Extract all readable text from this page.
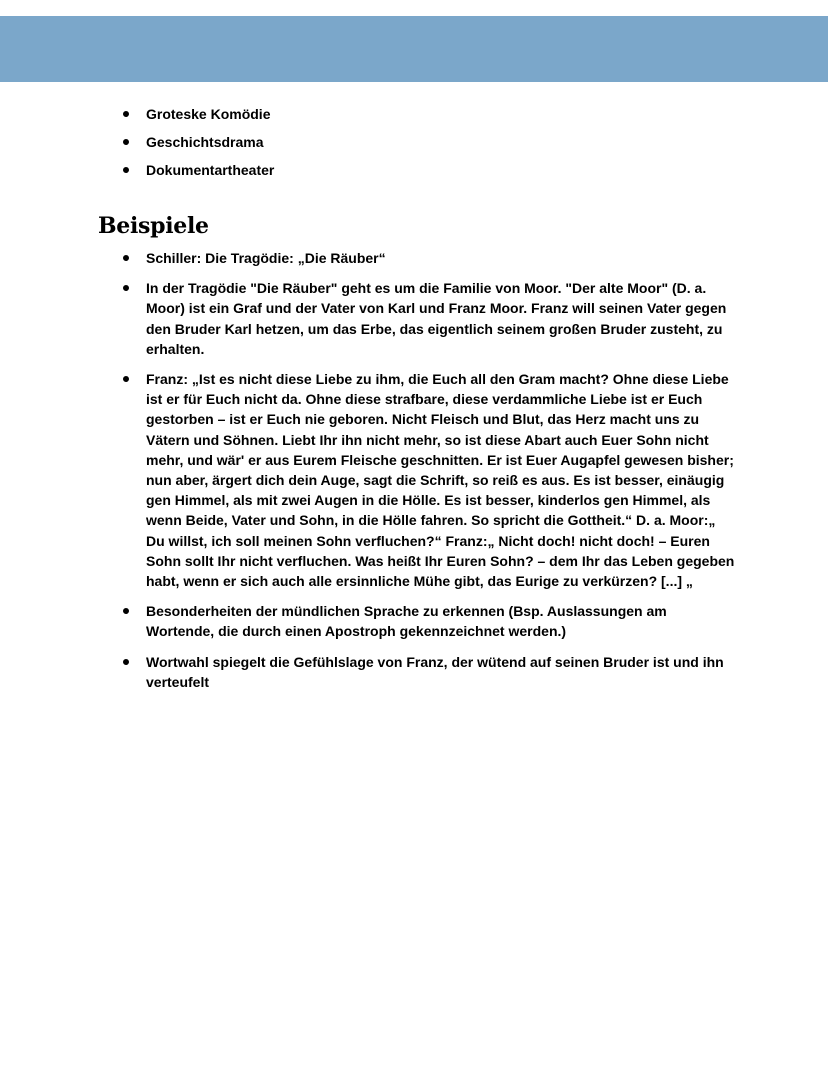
Groteske Komödie
Geschichtsdrama
Dokumentartheater
Beispiele
Schiller: Die Tragödie: „Die Räuber“
In der Tragödie "Die Räuber" geht es um die Familie von Moor. "Der alte Moor" (D. a. Moor) ist ein Graf und der Vater von Karl und Franz Moor. Franz will seinen Vater gegen den Bruder Karl hetzen, um das Erbe, das eigentlich seinem großen Bruder zusteht, zu erhalten.
Franz: „Ist es nicht diese Liebe zu ihm, die Euch all den Gram macht? Ohne diese Liebe ist er für Euch nicht da. Ohne diese strafbare, diese verdammliche Liebe ist er Euch gestorben – ist er Euch nie geboren. Nicht Fleisch und Blut, das Herz macht uns zu Vätern und Söhnen. Liebt Ihr ihn nicht mehr, so ist diese Abart auch Euer Sohn nicht mehr, und wär' er aus Eurem Fleische geschnitten. Er ist Euer Augapfel gewesen bisher; nun aber, ärgert dich dein Auge, sagt die Schrift, so reiß es aus. Es ist besser, einäugig gen Himmel, als mit zwei Augen in die Hölle. Es ist besser, kinderlos gen Himmel, als wenn Beide, Vater und Sohn, in die Hölle fahren. So spricht die Gottheit.“ D. a. Moor:„ Du willst, ich soll meinen Sohn verfluchen?“ Franz:„ Nicht doch! nicht doch! – Euren Sohn sollt Ihr nicht verfluchen. Was heißt Ihr Euren Sohn? – dem Ihr das Leben gegeben habt, wenn er sich auch alle ersinnliche Mühe gibt, das Eurige zu verkürzen? [...] „
Besonderheiten der mündlichen Sprache zu erkennen (Bsp. Auslassungen am Wortende, die durch einen Apostroph gekennzeichnet werden.)
Wortwahl spiegelt die Gefühlslage von Franz, der wütend auf seinen Bruder ist und ihn verteufelt
